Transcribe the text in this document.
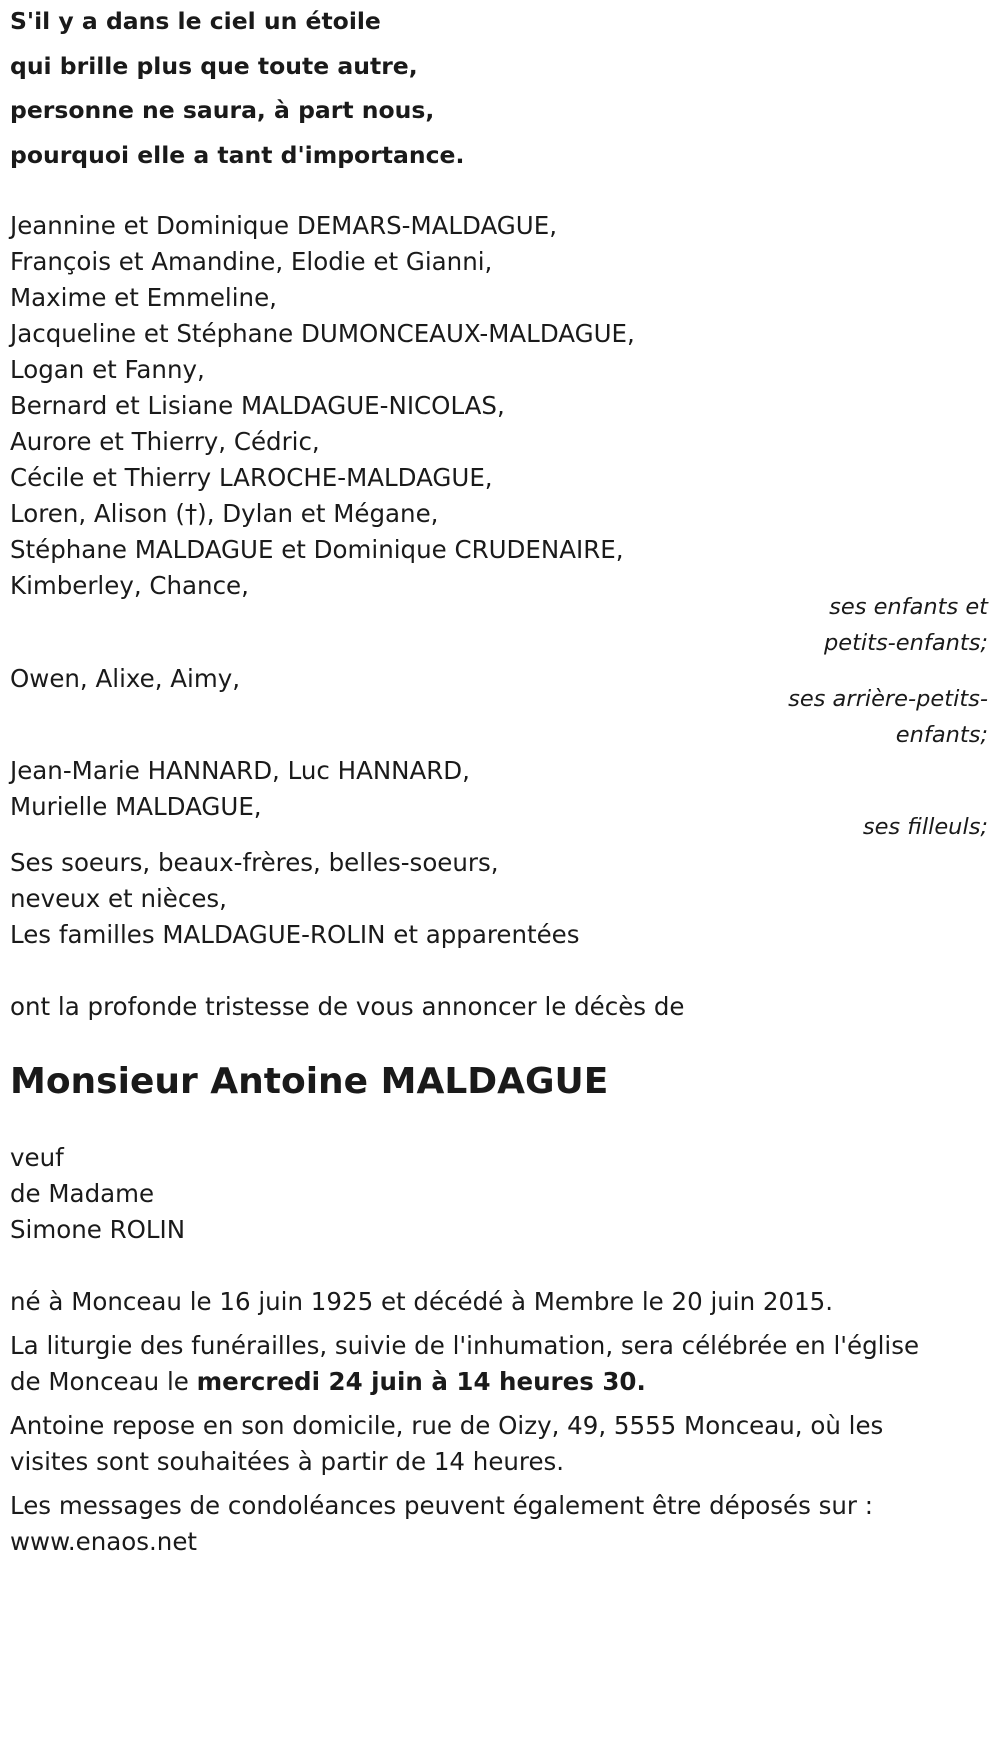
S'il y a dans le ciel un étoile
qui brille plus que toute autre,
personne ne saura, à part nous,
pourquoi elle a tant d'importance.
Jeannine et Dominique DEMARS-MALDAGUE,
François et Amandine, Elodie et Gianni,
Maxime et Emmeline,
Jacqueline et Stéphane DUMONCEAUX-MALDAGUE,
Logan et Fanny,
Bernard et Lisiane MALDAGUE-NICOLAS,
Aurore et Thierry, Cédric,
Cécile et Thierry LAROCHE-MALDAGUE,
Loren, Alison (†), Dylan et Mégane,
Stéphane MALDAGUE et Dominique CRUDENAIRE,
Kimberley, Chance,
ses enfants et
petits-enfants;
Owen, Alixe, Aimy,
ses arrière-petits-
enfants;
Jean-Marie HANNARD, Luc HANNARD,
Murielle MALDAGUE,
ses filleuls;
Ses soeurs, beaux-frères, belles-soeurs,
neveux et nièces,
Les familles MALDAGUE-ROLIN et apparentées
ont la profonde tristesse de vous annoncer le décès de
Monsieur Antoine MALDAGUE
veuf
de Madame
Simone ROLIN
né à Monceau le 16 juin 1925 et décédé à Membre le 20 juin 2015.
La liturgie des funérailles, suivie de l'inhumation, sera célébrée en l'église
de Monceau le mercredi 24 juin à 14 heures 30.
Antoine repose en son domicile, rue de Oizy, 49, 5555 Monceau, où les
visites sont souhaitées à partir de 14 heures.
Les messages de condoléances peuvent également être déposés sur :
www.enaos.net
